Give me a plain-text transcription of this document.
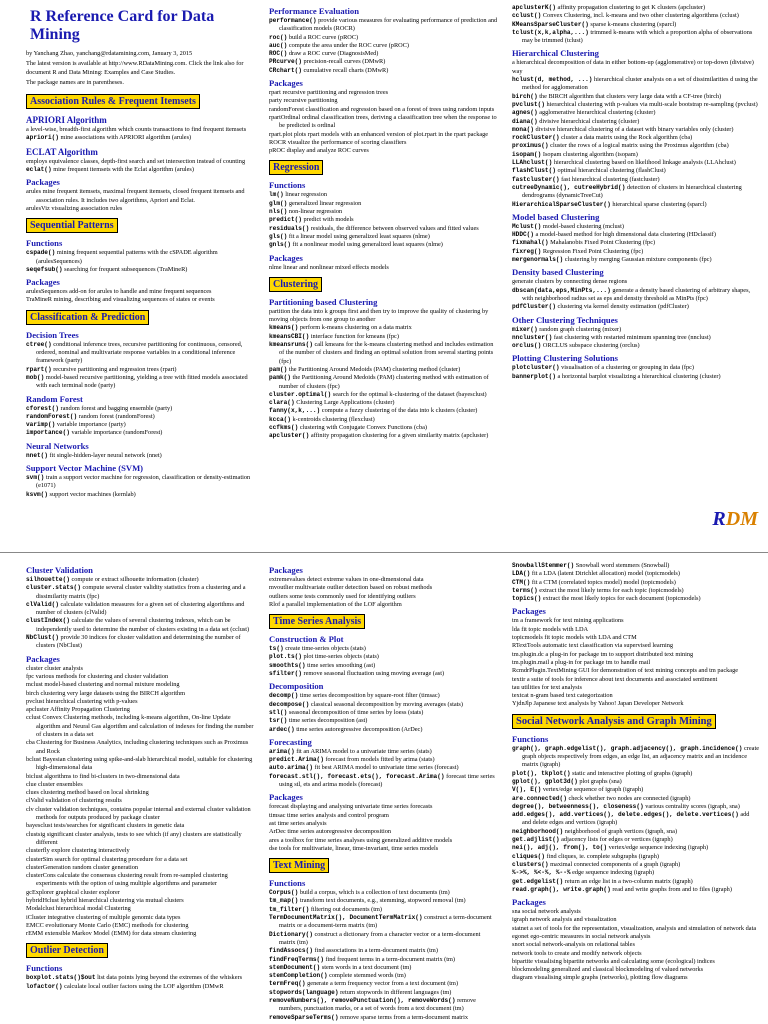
R Reference Card for Data Mining

by Yanchang Zhao, yanchang@rdatamining.com, January 3, 2015

The latest version is available at http://www.RDataMining.com. Click the link also for document R and Data Mining: Examples and Case Studies.

The package names are in parentheses.

Association Rules & Frequent Itemsets
APRIORI Algorithm

a level-wise, breadth-first algorithm which counts transactions to find frequent itemsets

apriori() mine associations with APRIORI algorithm (arules)

ECLAT Algorithm

employs equivalence classes, depth-first search and set intersection instead of counting

eclat() mine frequent itemsets with the Eclat algorithm (arules)

Packages

arules mine frequent itemsets, maximal frequent itemsets, closed frequent itemsets and association rules. It includes two algorithms, Apriori and Eclat.

arulesViz visualizing association rules

Sequential Patterns
Functions

cspade() mining frequent sequential patterns with the cSPADE algorithm (arulesSequences)

seqefsub() searching for frequent subsequences (TraMineR)

Packages

arulesSequences add-on for arules to handle and mine frequent sequences

TraMineR mining, describing and visualizing sequences of states or events

Classification & Prediction
Decision Trees

ctree() conditional inference trees, recursive partitioning for continuous, censored, ordered, nominal and multivariate response variables in a conditional inference framework (party)

rpart() recursive partitioning and regression trees (rpart)

mob() model-based recursive partitioning, yielding a tree with fitted models associated with each terminal node (party)

Random Forest

cforest() random forest and bagging ensemble (party)

randomForest() random forest (randomForest)

varimp() variable importance (party)

importance() variable importance (randomForest)

Neural Networks

nnet() fit single-hidden-layer neural network (nnet)

Support Vector Machine (SVM)

svm() train a support vector machine for regression, classification or density-estimation (e1071)

ksvm() support vector machines (kernlab)

Performance Evaluation

performance() provide various measures for evaluating performance of prediction and classification models (ROCR)

roc() build a ROC curve (pROC)

auc() compute the area under the ROC curve (pROC)

ROC() draw a ROC curve (DiagnosisMed)

PRcurve() precision-recall curves (DMwR)

CRchart() cumulative recall charts (DMwR)

Packages

rpart recursive partitioning and regression trees

party recursive partitioning

randomForest classification and regression based on a forest of trees using random inputs

rpartOrdinal ordinal classification trees, deriving a classification tree when the response to be predicted is ordinal

rpart.plot plots rpart models with an enhanced version of plot.rpart in the rpart package

ROCR visualize the performance of scoring classifiers

pROC display and analyze ROC curves

Regression
Functions

lm() linear regression

glm() generalized linear regression

nls() non-linear regression

predict() predict with models

residuals() residuals, the difference between observed values and fitted values

gls() fit a linear model using generalized least squares (nlme)

gnls() fit a nonlinear model using generalized least squares (nlme)

Packages

nlme linear and nonlinear mixed effects models

Clustering
Partitioning based Clustering

partition the data into k groups first and then try to improve the quality of clustering by moving objects from one group to another

kmeans() perform k-means clustering on a data matrix

kmeansCBI() interface function for kmeans (fpc)

kmeansruns() call kmeans for the k-means clustering method and includes estimation of the number of clusters and finding an optimal solution from several starting points (fpc)

pam() the Partitioning Around Medoids (PAM) clustering method (cluster)

pamk() the Partitioning Around Medoids (PAM) clustering method with estimation of number of clusters (fpc)

cluster.optimal() search for the optimal k-clustering of the dataset (bayesclust)

clara() Clustering Large Applications (cluster)

fanny(x,k,...) compute a fuzzy clustering of the data into k clusters (cluster)

kcca() k-centroids clustering (flexclust)

ccfkms() clustering with Conjugate Convex Functions (cba)

apcluster() affinity propagation clustering for a given similarity matrix (apcluster)

apclusterK() affinity propagation clustering to get K clusters (apcluster)

cclust() Convex Clustering, incl. k-means and two other clustering algorithms (cclust)

KMeansSparseCluster() sparse k-means clustering (sparcl)

tclust(x,k,alpha,...) trimmed k-means with which a proportion alpha of observations may be trimmed (tclust)

Hierarchical Clustering

a hierarchical decomposition of data in either bottom-up (agglomerative) or top-down (divisive) way

hclust(d, method, ...) hierarchical cluster analysis on a set of dissimilarities d using the method for agglomeration

birch() the BIRCH algorithm that clusters very large data with a CF-tree (birch)

pvclust() hierarchical clustering with p-values via multi-scale bootstrap re-sampling (pvclust)

agnes() agglomerative hierarchical clustering (cluster)

diana() divisive hierarchical clustering (cluster)

mona() divisive hierarchical clustering of a dataset with binary variables only (cluster)

rockCluster() cluster a data matrix using the Rock algorithm (cba)

proximus() cluster the rows of a logical matrix using the Proximus algorithm (cba)

isopam() Isopam clustering algorithm (isopam)

LLAhclust() hierarchical clustering based on likelihood linkage analysis (LLAhclust)

flashClust() optimal hierarchical clustering (flashClust)

fastcluster() fast hierarchical clustering (fastcluster)

cutreeDynamic(), cutreeHybrid() detection of clusters in hierarchical clustering dendrograms (dynamicTreeCut)

HierarchicalSparseCluster() hierarchical sparse clustering (sparcl)

Model based Clustering

Mclust() model-based clustering (mclust)

HDDC() a model-based method for high dimensional data clustering (HDclassif)

fixmahal() Mahalanobis Fixed Point Clustering (fpc)

fixreg() Regression Fixed Point Clustering (fpc)

mergenormals() clustering by merging Gaussian mixture components (fpc)

Density based Clustering

generate clusters by connecting dense regions

dbscan(data,eps,MinPts,...) generate a density based clustering of arbitrary shapes, with neighborhood radius set as eps and density threshold as MinPts (fpc)

pdfCluster() clustering via kernel density estimation (pdfCluster)

Other Clustering Techniques

mixer() random graph clustering (mixer)

nncluster() fast clustering with restarted minimum spanning tree (nnclust)

orclus() ORCLUS subspace clustering (orclus)

Plotting Clustering Solutions

plotcluster() visualisation of a clustering or grouping in data (fpc)

bannerplot() a horizontal barplot visualizing a hierarchical clustering (cluster)

RDM
Cluster Validation

silhouette() compute or extract silhouette information (cluster)

cluster.stats() compute several cluster validity statistics from a clustering and a dissimilarity matrix (fpc)

clValid() calculate validation measures for a given set of clustering algorithms and number of clusters (clValid)

clustIndex() calculate the values of several clustering indexes, which can be independently used to determine the number of clusters existing in a data set (cclust)

NbClust() provide 30 indices for cluster validation and determining the number of clusters (NbClust)

Packages

cluster cluster analysis

fpc various methods for clustering and cluster validation

mclust model-based clustering and normal mixture modeling

birch clustering very large datasets using the BIRCH algorithm

pvclust hierarchical clustering with p-values

apcluster Affinity Propagation Clustering

cclust Convex Clustering methods, including k-means algorithm, On-line Update algorithm and Neural Gas algorithm and calculation of indexes for finding the number of clusters in a data set

cba Clustering for Business Analytics, including clustering techniques such as Proximus and Rock

bclust Bayesian clustering using spike-and-slab hierarchical model, suitable for clustering high-dimensional data

biclust algorithms to find bi-clusters in two-dimensional data

clue cluster ensembles

clues clustering method based on local shrinking

clValid validation of clustering results

clv cluster validation techniques, contains popular internal and external cluster validation methods for outputs produced by package cluster

bayesclust tests/searches for significant clusters in genetic data

clustsig significant cluster analysis, tests to see which (if any) clusters are statistically different

clusterfly explore clustering interactively

clusterSim search for optimal clustering procedure for a data set

clusterGeneration random cluster generation

clusterCons calculate the consensus clustering result from re-sampled clustering experiments with the option of using multiple algorithms and parameter

gcExplorer graphical cluster explorer

hybridHclust hybrid hierarchical clustering via mutual clusters

Modalclust hierarchical modal Clustering

iCluster integrative clustering of multiple genomic data types

EMCC evolutionary Monte Carlo (EMC) methods for clustering

rEMM extensible Markov Model (EMM) for data stream clustering

Outlier Detection
Functions

boxplot.stats()$out list data points lying beyond the extremes of the whiskers

lofactor() calculate local outlier factors using the LOF algorithm (DMwR

Packages

extremevalues detect extreme values in one-dimensional data

mvoutlier multivariate outlier detection based on robust methods

outliers some tests commonly used for identifying outliers

Rlof a parallel implementation of the LOF algorithm

Time Series Analysis
Construction & Plot

ts() create time-series objects (stats)

plot.ts() plot time-series objects (stats)

smoothts() time series smoothing (ast)

sfilter() remove seasonal fluctuation using moving average (ast)

Decomposition

decomp() time series decomposition by square-root filter (timsac)

decompose() classical seasonal decomposition by moving averages (stats)

stl() seasonal decomposition of time series by loess (stats)

tsr() time series decomposition (ast)

ardec() time series autoregressive decomposition (ArDec)

Forecasting

arima() fit an ARIMA model to a univariate time series (stats)

predict.Arima() forecast from models fitted by arima (stats)

auto.arima() fit best ARIMA model to univariate time series (forecast)

forecast.stl(), forecast.ets(), forecast.Arima() forecast time series using stl, ets and arima models (forecast)

Packages

forecast displaying and analysing univariate time series forecasts

timsac time series analysis and control program

ast time series analysis

ArDec time series autoregressive decomposition

ares a toolbox for time series analyses using generalized additive models

dse tools for multivariate, linear, time-invariant, time series models

Text Mining
Functions

Corpus() build a corpus, which is a collection of text documents (tm)

tm_map() transform text documents, e.g., stemming, stopword removal (tm)

tm_filter() filtering out documents (tm)

TermDocumentMatrix(), DocumentTermMatrix() construct a term-document matrix or a document-term matrix (tm)

Dictionary() construct a dictionary from a character vector or a term-document matrix (tm)

findAssocs() find associations in a term-document matrix (tm)

findFreqTerms() find frequent terms in a term-document matrix (tm)

stemDocument() stem words in a text document (tm)

stemCompletion() complete stemmed words (tm)

termFreq() generate a term frequency vector from a text document (tm)

stopwords(language) return stopwords in different languages (tm)

removeNumbers(), removePunctuation(), removeWords() remove numbers, punctuation marks, or a set of words from a text document (tm)

removeSparseTerms() remove sparse terms from a term-document matrix

SnowballStemmer() Snowball word stemmers (Snowball)

LDA() fit a LDA (latent Dirichlet allocation) model (topicmodels)

CTM() fit a CTM (correlated topics model) model (topicmodels)

terms() extract the most likely terms for each topic (topicmodels)

topics() extract the most likely topics for each document (topicmodels)

Packages

tm a framework for text mining applications

lda fit topic models with LDA

topicmodels fit topic models with LDA and CTM

RTextTools automatic text classification via supervised learning

tm.plugin.dc a plug-in for package tm to support distributed text mining

tm.plugin.mail a plug-in for package tm to handle mail

RcmdrPlugin.TextMining GUI for demonstration of text mining concepts and tm package

textir a suite of tools for inference about text documents and associated sentiment

tau utilities for text analysis

textcat n-gram based text categorization

YjdnJlp Japanese text analysis by Yahoo! Japan Developer Network

Social Network Analysis and Graph Mining
Functions

graph(), graph.edgelist(), graph.adjacency(), graph.incidence() create graph objects respectively from edges, an edge list, an adjacency matrix and an incidence matrix (igraph)

plot(), tkplot() static and interactive plotting of graphs (igraph)

gplot(), gplot3d() plot graphs (sna)

V(), E() vertex/edge sequence of igraph (igraph)

are.connected() check whether two nodes are connected (igraph)

degree(), betweenness(), closeness() various centrality scores (igraph, sna)

add.edges(), add.vertices(), delete.edges(), delete.vertices() add and delete edges and vertices (igraph)

neighborhood() neighborhood of graph vertices (igraph, sna)

get.adjlist() adjacency lists for edges or vertices (igraph)

nei(), adj(), from(), to() vertex/edge sequence indexing (igraph)

cliques() find cliques, ie. complete subgraphs (igraph)

clusters() maximal connected components of a graph (igraph)

%->%, %<-%, %--% edge sequence indexing (igraph)

get.edgelist() return an edge list in a two-column matrix (igraph)

read.graph(), write.graph() read and write graphs from and to files (igraph)

Packages

sna social network analysis

igraph network analysis and visualization

statnet a set of tools for the representation, visualization, analysis and simulation of network data

egonet ego-centric measures in social network analysis

snort social network-analysis on relational tables

network tools to create and modify network objects

bipartite visualising bipartite networks and calculating some (ecological) indices

blockmodeling generalized and classical blockmodeling of valued networks

diagram visualising simple graphs (networks), plotting flow diagrams
